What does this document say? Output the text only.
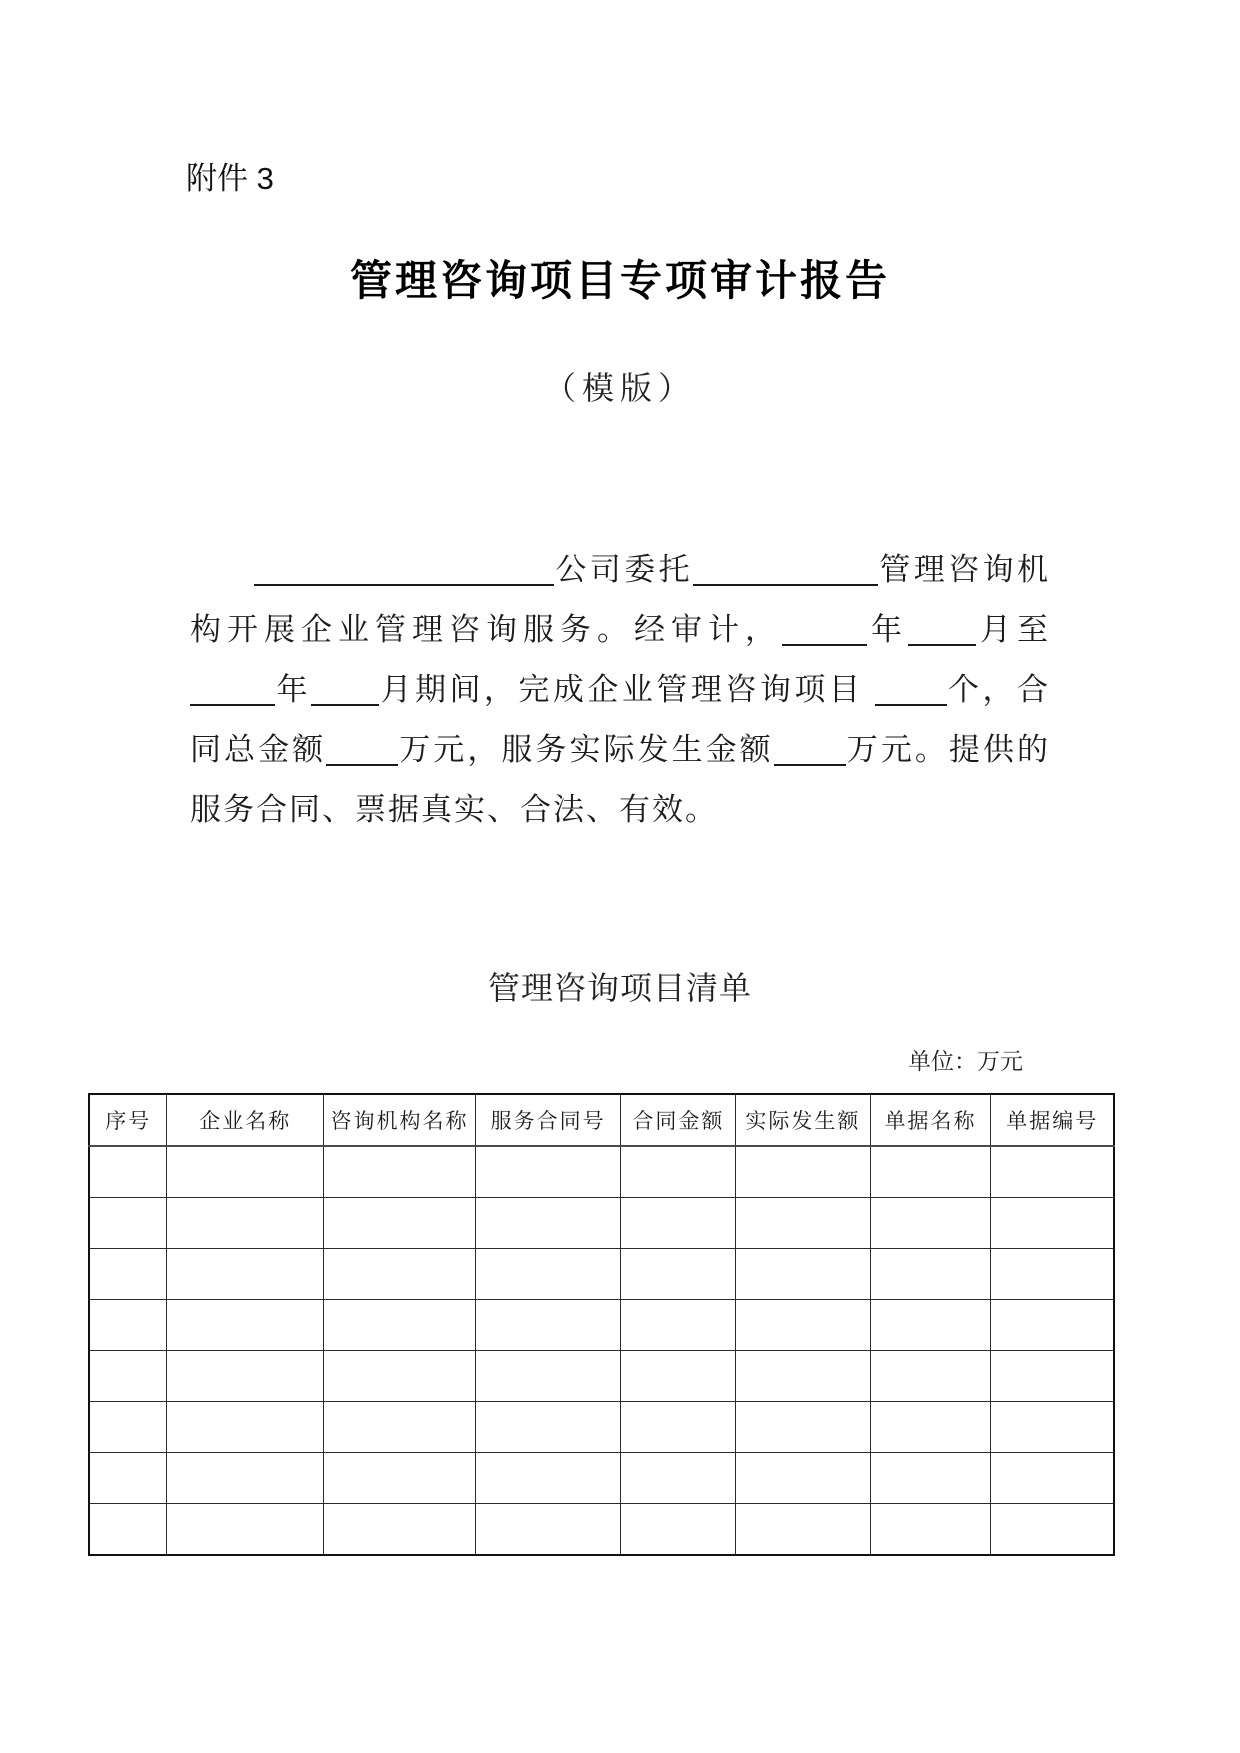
附件 3
管理咨询项目专项审计报告
（模版）

公司委托	管理咨询机构开展企业管理咨询服务。经审计，	年 月至年 月期间，完成企业管理咨询项目 个，合同总金额 万元，服务实际发生金额 万元。提供的服务合同、票据真实、合法、有效。

管理咨询项目清单
单位：万元
序号	企业名称	咨询机构名称	服务合同号	合同金额	实际发生额	单据名称	单据编号
